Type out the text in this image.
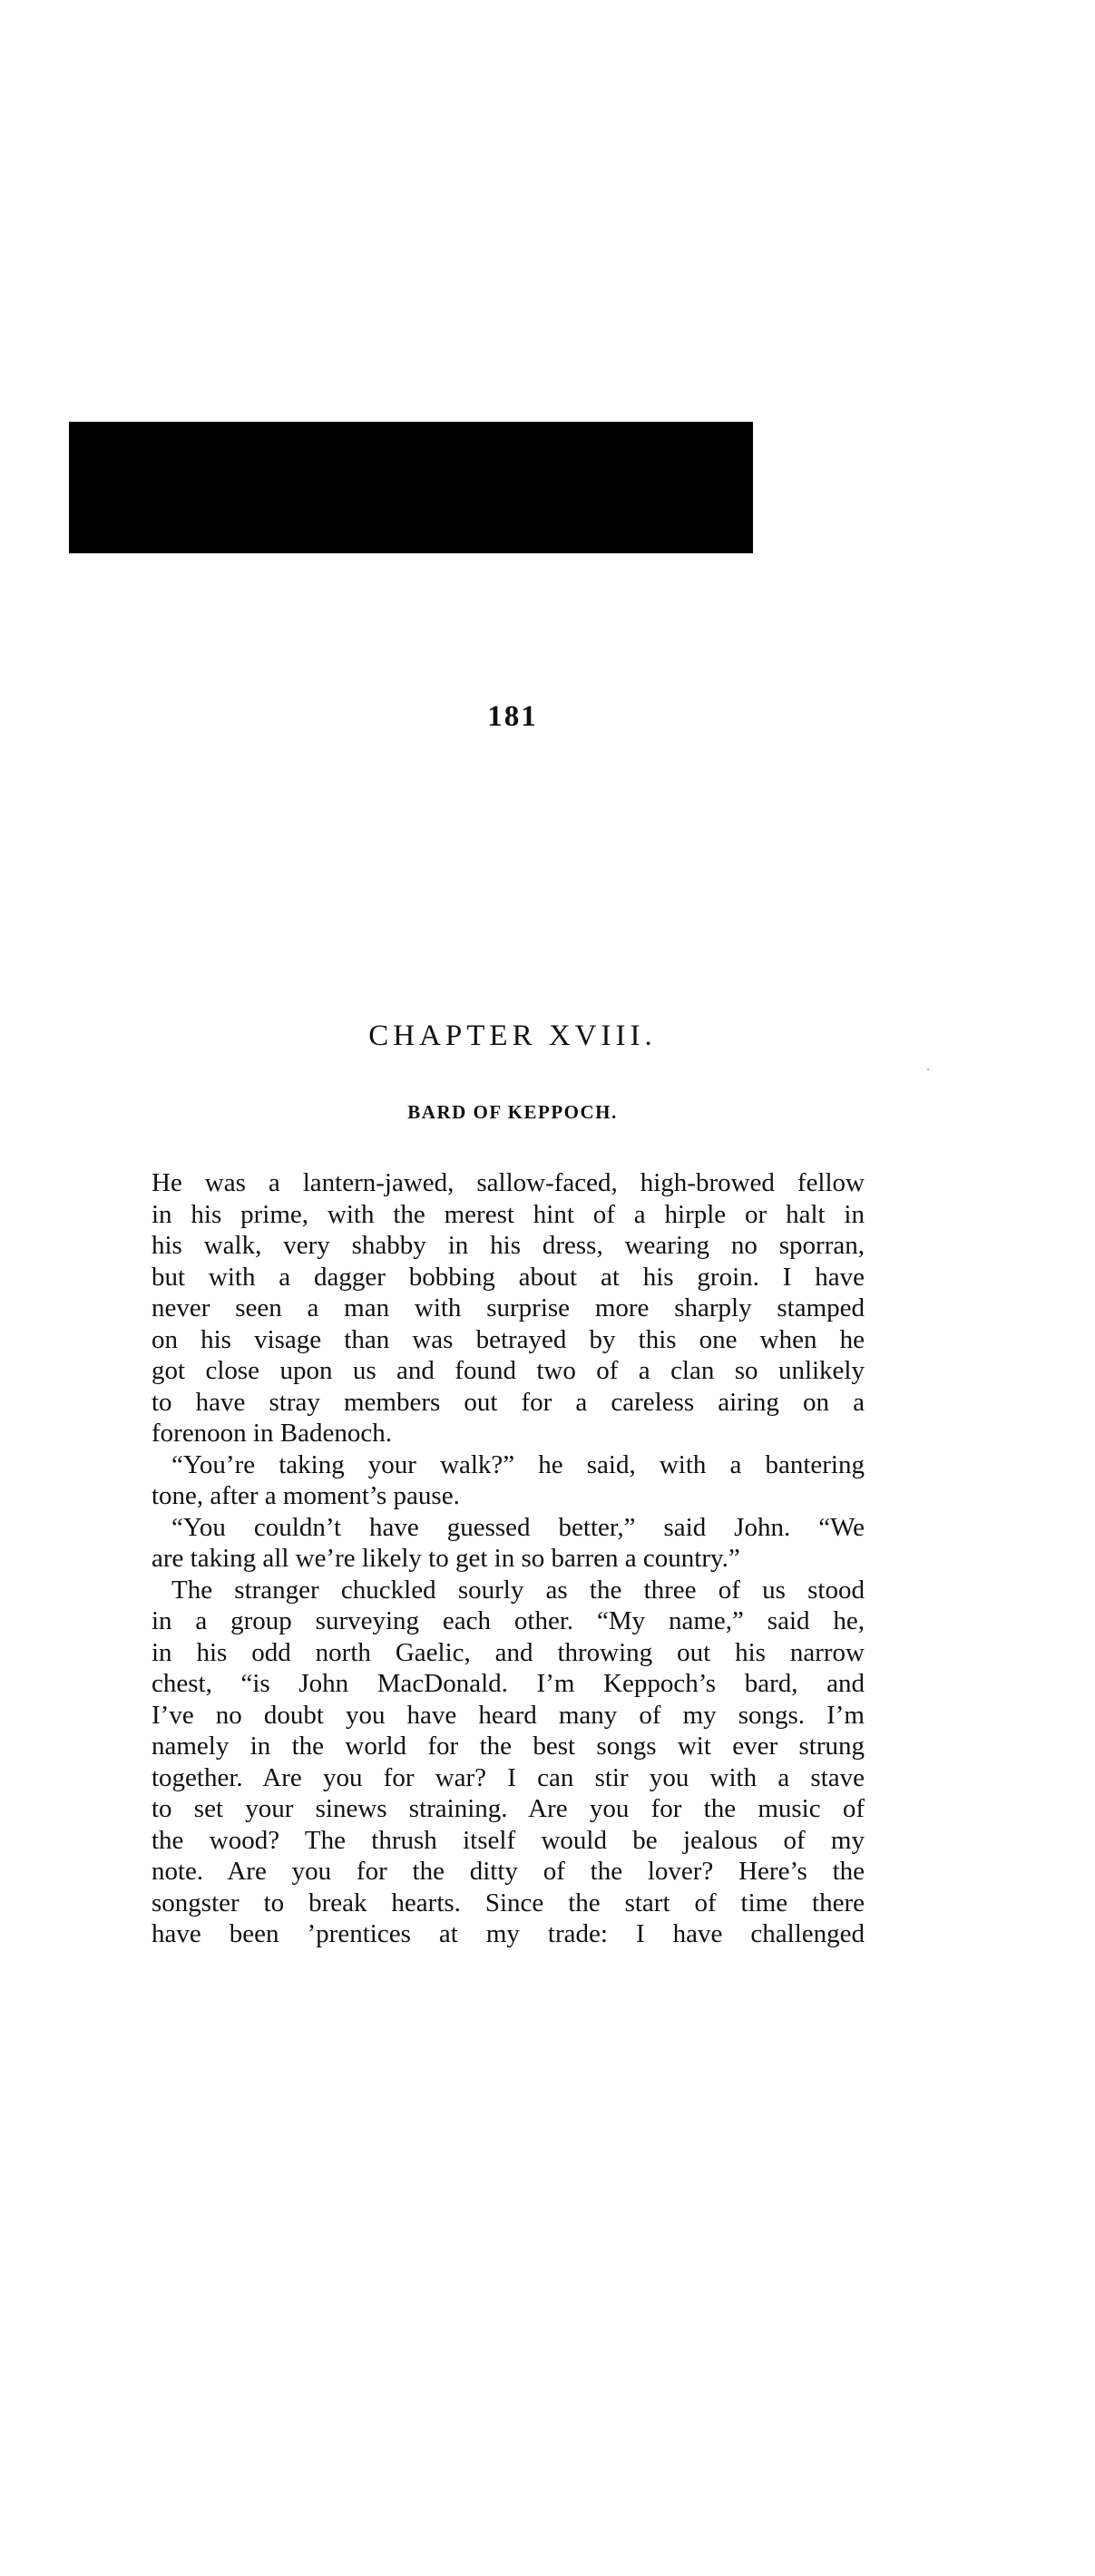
181
CHAPTER XVIII.
BARD OF KEPPOCH.
He was a lantern-jawed, sallow-faced, high-browed fellow
in his prime, with the merest hint of a hirple or halt in
his walk, very shabby in his dress, wearing no sporran,
but with a dagger bobbing about at his groin. I have
never seen a man with surprise more sharply stamped
on his visage than was betrayed by this one when he
got close upon us and found two of a clan so unlikely
to have stray members out for a careless airing on a
forenoon in Badenoch.
“You’re taking your walk?” he said, with a bantering
tone, after a moment’s pause.
“You couldn’t have guessed better,” said John. “We
are taking all we’re likely to get in so barren a country.”
The stranger chuckled sourly as the three of us stood
in a group surveying each other. “My name,” said he,
in his odd north Gaelic, and throwing out his narrow
chest, “is John MacDonald. I’m Keppoch’s bard, and
I’ve no doubt you have heard many of my songs. I’m
namely in the world for the best songs wit ever strung
together. Are you for war? I can stir you with a stave
to set your sinews straining. Are you for the music of
the wood? The thrush itself would be jealous of my
note. Are you for the ditty of the lover? Here’s the
songster to break hearts. Since the start of time there
have been ’prentices at my trade: I have challenged
